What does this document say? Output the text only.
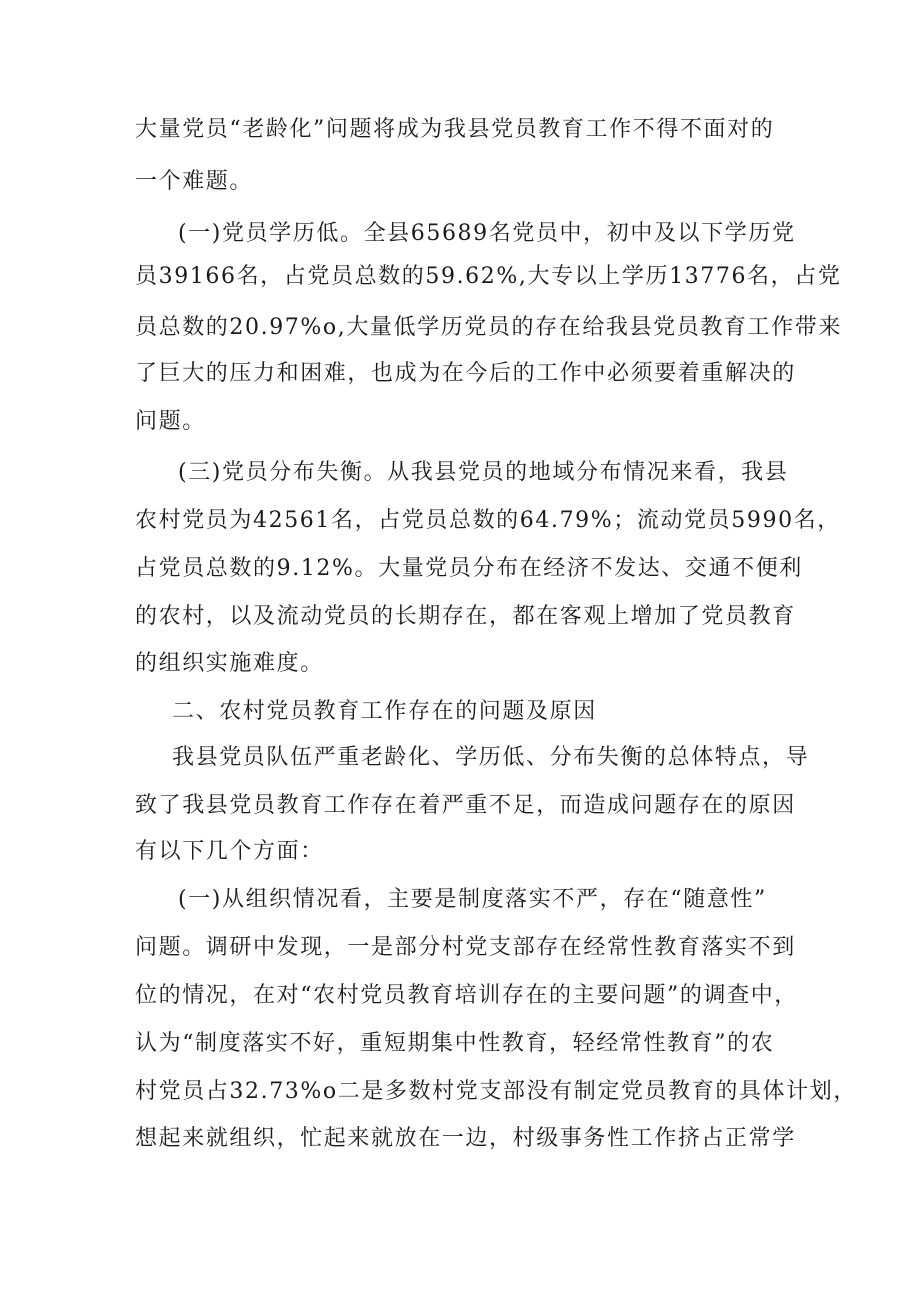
大量党员“老龄化”问题将成为我县党员教育工作不得不面对的
一个难题。
(一)党员学历低。全县65689名党员中，初中及以下学历党
员39166名，占党员总数的59.62%,大专以上学历13776名，占党
员总数的20.97%o,大量低学历党员的存在给我县党员教育工作带来
了巨大的压力和困难，也成为在今后的工作中必须要着重解决的
问题。
(三)党员分布失衡。从我县党员的地域分布情况来看，我县
农村党员为42561名，占党员总数的64.79%；流动党员5990名，
占党员总数的9.12%。大量党员分布在经济不发达、交通不便利
的农村，以及流动党员的长期存在，都在客观上增加了党员教育
的组织实施难度。
二、农村党员教育工作存在的问题及原因
我县党员队伍严重老龄化、学历低、分布失衡的总体特点，导
致了我县党员教育工作存在着严重不足，而造成问题存在的原因
有以下几个方面：
(一)从组织情况看，主要是制度落实不严，存在“随意性”
问题。调研中发现，一是部分村党支部存在经常性教育落实不到
位的情况，在对“农村党员教育培训存在的主要问题”的调查中，
认为“制度落实不好，重短期集中性教育，轻经常性教育”的农
村党员占32.73%o二是多数村党支部没有制定党员教育的具体计划，
想起来就组织，忙起来就放在一边，村级事务性工作挤占正常学
